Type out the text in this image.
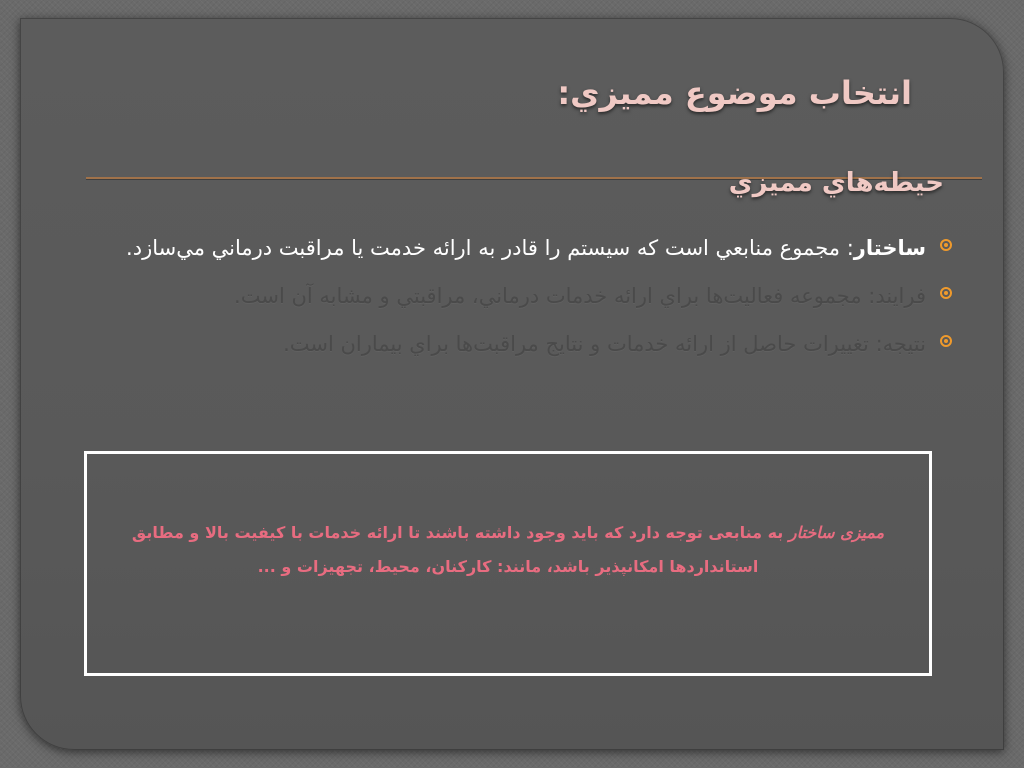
انتخاب موضوع مميزي:
حيطه‌هاي مميزي
ساختار: مجموع منابعي است كه سيستم را قادر به ارائه خدمت يا مراقبت درماني مي‌سازد.
فرايند: مجموعه فعاليت‌ها براي ارائه خدمات درماني، مراقبتي و مشابه آن است.
نتيجه: تغييرات حاصل از ارائه خدمات و نتايج مراقبت‌ها براي بيماران است.

ممیزی ساختار به منابعی توجه دارد که باید وجود داشته باشند تا ارائه خدمات با کیفیت بالا و مطابق استانداردها امکانپذیر باشد، مانند: کارکنان، محیط، تجهیزات و ...
